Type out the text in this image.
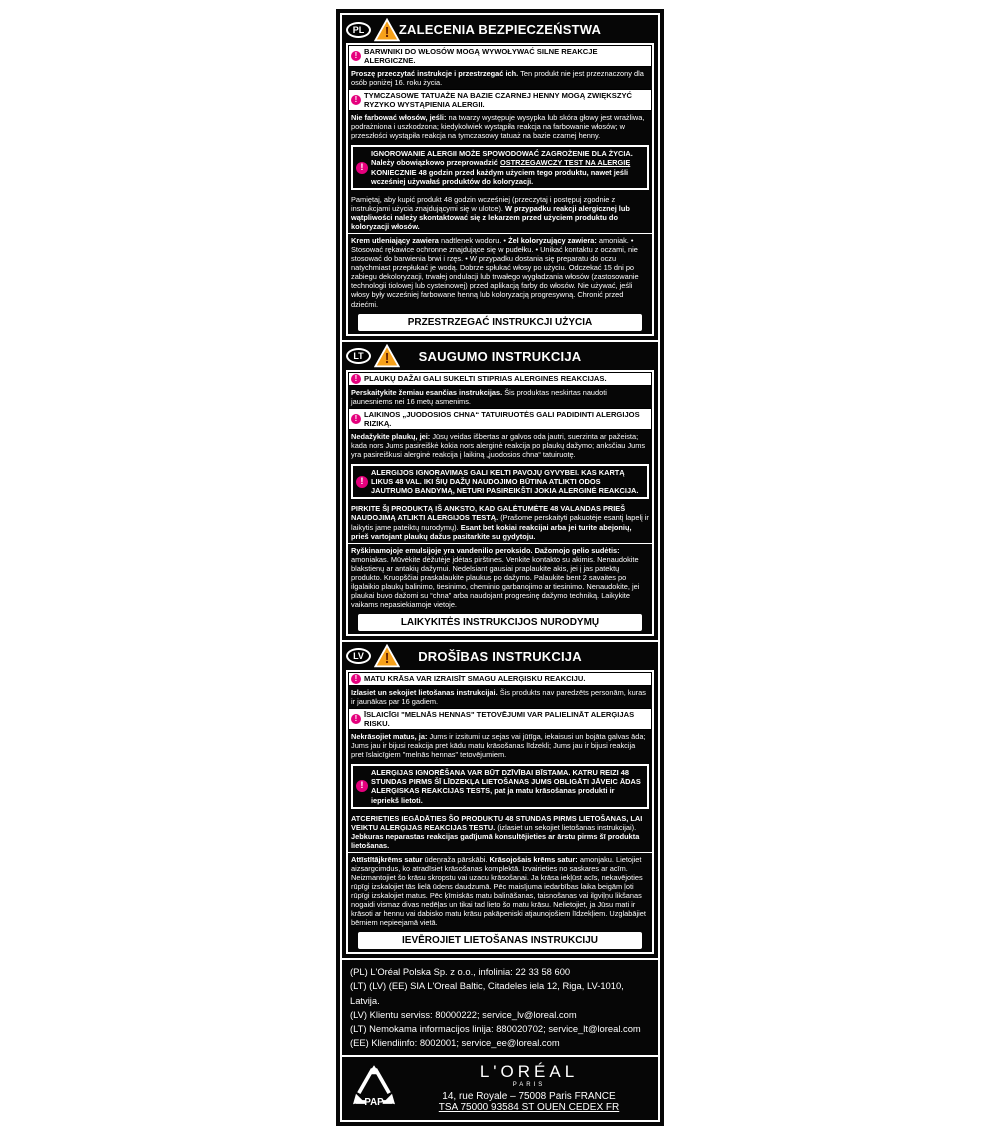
PL ! ZALECENIA BEZPIECZEŃSTWA
! BARWNIKI DO WŁOSÓW MOGĄ WYWOŁYWAĆ SILNE REAKCJE ALERGICZNE.
Proszę przeczytać instrukcje i przestrzegać ich. Ten produkt nie jest przeznaczony dla osób poniżej 16. roku życia.
! TYMCZASOWE TATUAŻE NA BAZIE CZARNEJ HENNY MOGĄ ZWIĘKSZYĆ RYZYKO WYSTĄPIENIA ALERGII.
Nie farbować włosów, jeśli: na twarzy występuje wysypka lub skóra głowy jest wrażliwa, podrażniona i uszkodzona; kiedykolwiek wystąpiła reakcja na farbowanie włosów; w przeszłości wystąpiła reakcja na tymczasowy tatuaż na bazie czarnej henny.
!
IGNOROWANIE ALERGII MOŻE SPOWODOWAĆ ZAGROŻENIE DLA ŻYCIA. Należy obowiązkowo przeprowadzić OSTRZEGAWCZY TEST NA ALERGIĘ KONIECZNIE 48 godzin przed każdym użyciem tego produktu, nawet jeśli wcześniej używałaś produktów do koloryzacji.
Pamiętaj, aby kupić produkt 48 godzin wcześniej (przeczytaj i postępuj zgodnie z instrukcjami użycia znajdującymi się w ulotce). W przypadku reakcji alergicznej lub wątpliwości należy skontaktować się z lekarzem przed użyciem produktu do koloryzacji włosów.
Krem utleniający zawiera nadtlenek wodoru. • Żel koloryzujący zawiera: amoniak. • Stosować rękawice ochronne znajdujące się w pudełku. • Unikać kontaktu z oczami, nie stosować do barwienia brwi i rzęs. • W przypadku dostania się preparatu do oczu natychmiast przepłukać je wodą. Dobrze spłukać włosy po użyciu. Odczekać 15 dni po zabiegu dekoloryzacji, trwałej ondulacji lub trwałego wygładzania włosów (zastosowanie technologii tiolowej lub cysteinowej) przed aplikacją farby do włosów. Nie używać, jeśli włosy były wcześniej farbowane henną lub koloryzacją progresywną. Chronić przed dziećmi.
PRZESTRZEGAĆ INSTRUKCJI UŻYCIA
LT !	SAUGUMO INSTRUKCIJA
! PLAUKŲ DAŽAI GALI SUKELTI STIPRIAS ALERGINES REAKCIJAS.
Perskaitykite žemiau esančias instrukcijas. Šis produktas neskirtas naudoti jaunesniems nei 16 metų asmenims.
! LAIKINOS „JUODOSIOS CHNA“ TATUIRUOTĖS GALI PADIDINTI ALERGIJOS RIZIKĄ.
Nedažykite plaukų, jei: Jūsų veidas išbertas ar galvos oda jautri, suerzinta ar pažeista; kada nors Jums pasireiškė kokia nors alerginė reakcija po plaukų dažymo; anksčiau Jums yra pasireiškusi alerginė reakcija į laikiną „juodosios chna“ tatuiruotę.
!
ALERGIJOS IGNORAVIMAS GALI KELTI PAVOJŲ GYVYBEI. KAS KARTĄ LIKUS 48 VAL. IKI ŠIŲ DAŽŲ NAUDOJIMO BŪTINA ATLIKTI ODOS JAUTRUMO BANDYMĄ, NETURI PASIREIKŠTI JOKIA ALERGINĖ REAKCIJA.
PIRKITE ŠĮ PRODUKTĄ IŠ ANKSTO, KAD GALĖTUMĖTE 48 VALANDAS PRIEŠ NAUDOJIMĄ ATLIKTI ALERGIJOS TESTĄ. (Prašome perskaityti pakuotėje esantį lapelį ir laikytis jame pateiktų nurodymų). Esant bet kokiai reakcijai arba jei turite abejonių, prieš vartojant plaukų dažus pasitarkite su gydytoju.
Ryškinamojoje emulsijoje yra vandenilio peroksido. Dažomojo gelio sudėtis: amoniakas. Mūvėkite dėžutėje įdėtas pirštines. Venkite kontakto su akimis. Nenaudokite blakstienų ar antakių dažymui. Nedelsiant gausiai praplaukite akis, jei į jas patektų produkto. Kruopščiai praskalaukite plaukus po dažymo. Palaukite bent 2 savaites po ilgalaikio plaukų balinimo, tiesinimo, cheminio garbanojimo ar tiesinimo. Nenaudokite, jei plaukai buvo dažomi su “chna” arba naudojant progresinę dažymo techniką. Laikykite vaikams nepasiekiamoje vietoje.
LAIKYKITĖS INSTRUKCIJOS NURODYMŲ
LV !	DROŠĪBAS INSTRUKCIJA
! MATU KRĀSA VAR IZRAISĪT SMAGU ALERĢISKU REAKCIJU.
Izlasiet un sekojiet lietošanas instrukcijai. Šis produkts nav paredzēts personām, kuras ir jaunākas par 16 gadiem.
! ĪSLAICĪGI "MELNĀS HENNAS" TETOVĒJUMI VAR PALIELINĀT ALERĢIJAS RISKU.
Nekrāsojiet matus, ja: Jums ir izsitumi uz sejas vai jūtīga, iekaisusi un bojāta galvas āda; Jums jau ir bijusi reakcija pret kādu matu krāsošanas līdzekli; Jums jau ir bijusi reakcija pret īslaicīgiem "melnās hennas" tetovējumiem.
!
ALERĢIJAS IGNORĒŠANA VAR BŪT DZĪVĪBAI BĪSTAMA. KATRU REIZI 48 STUNDAS PIRMS ŠĪ LĪDZEKĻA LIETOŠANAS JUMS OBLIGĀTI JĀVEIC ĀDAS ALERĢISKAS REAKCIJAS TESTS, pat ja matu krāsošanas produkti ir iepriekš lietoti.
ATCERIETIES IEGĀDĀTIES ŠO PRODUKTU 48 STUNDAS PIRMS LIETOŠANAS, LAI VEIKTU ALERĢIJAS REAKCIJAS TESTU. (izlasiet un sekojiet lietošanas instrukcijai). Jebkuras neparastas reakcijas gadījumā konsultējieties ar ārstu pirms šī produkta lietošanas.
Attīstītājkrēms satur ūdeņraža pārskābi. Krāsojošais krēms satur: amonjaku. Lietojiet aizsargcimdus, ko atradīsiet krāsošanas komplektā. Izvairieties no saskares ar acīm. Neizmantojiet šo krāsu skropstu vai uzacu krāsošanai. Ja krāsa iekļūst acīs, nekavējoties rūpīgi izskalojiet tās lielā ūdens daudzumā. Pēc maisījuma iedarbības laika beigām ļoti rūpīgi izskalojiet matus. Pēc ķīmiskās matu balināšanas, taisnošanas vai ilgviļņu likšanas nogaidi vismaz divas nedēļas un tikai tad lieto šo matu krāsu. Nelietojiet, ja Jūsu mati ir krāsoti ar hennu vai dabisko matu krāsu pakāpeniski atjaunojošiem līdzekļiem. Uzglabājiet bērniem nepieejamā vietā.
IEVĒROJIET LIETOŠANAS INSTRUKCIJU
(PL) L'Oréal Polska Sp. z o.o., infolinia: 22 33 58 600
(LT) (LV) (EE) SIA L'Oreal Baltic, Citadeles iela 12, Riga, LV-1010, Latvija.
(LV) Klientu serviss: 80000222; service_lv@loreal.com
(LT) Nemokama informacijos linija: 880020702; service_lt@loreal.com
(EE) Kliendiinfo: 8002001; service_ee@loreal.com
PAP
L'ORÉAL
PARIS
14, rue Royale – 75008 Paris FRANCE
TSA 75000 93584 ST OUEN CEDEX FR
